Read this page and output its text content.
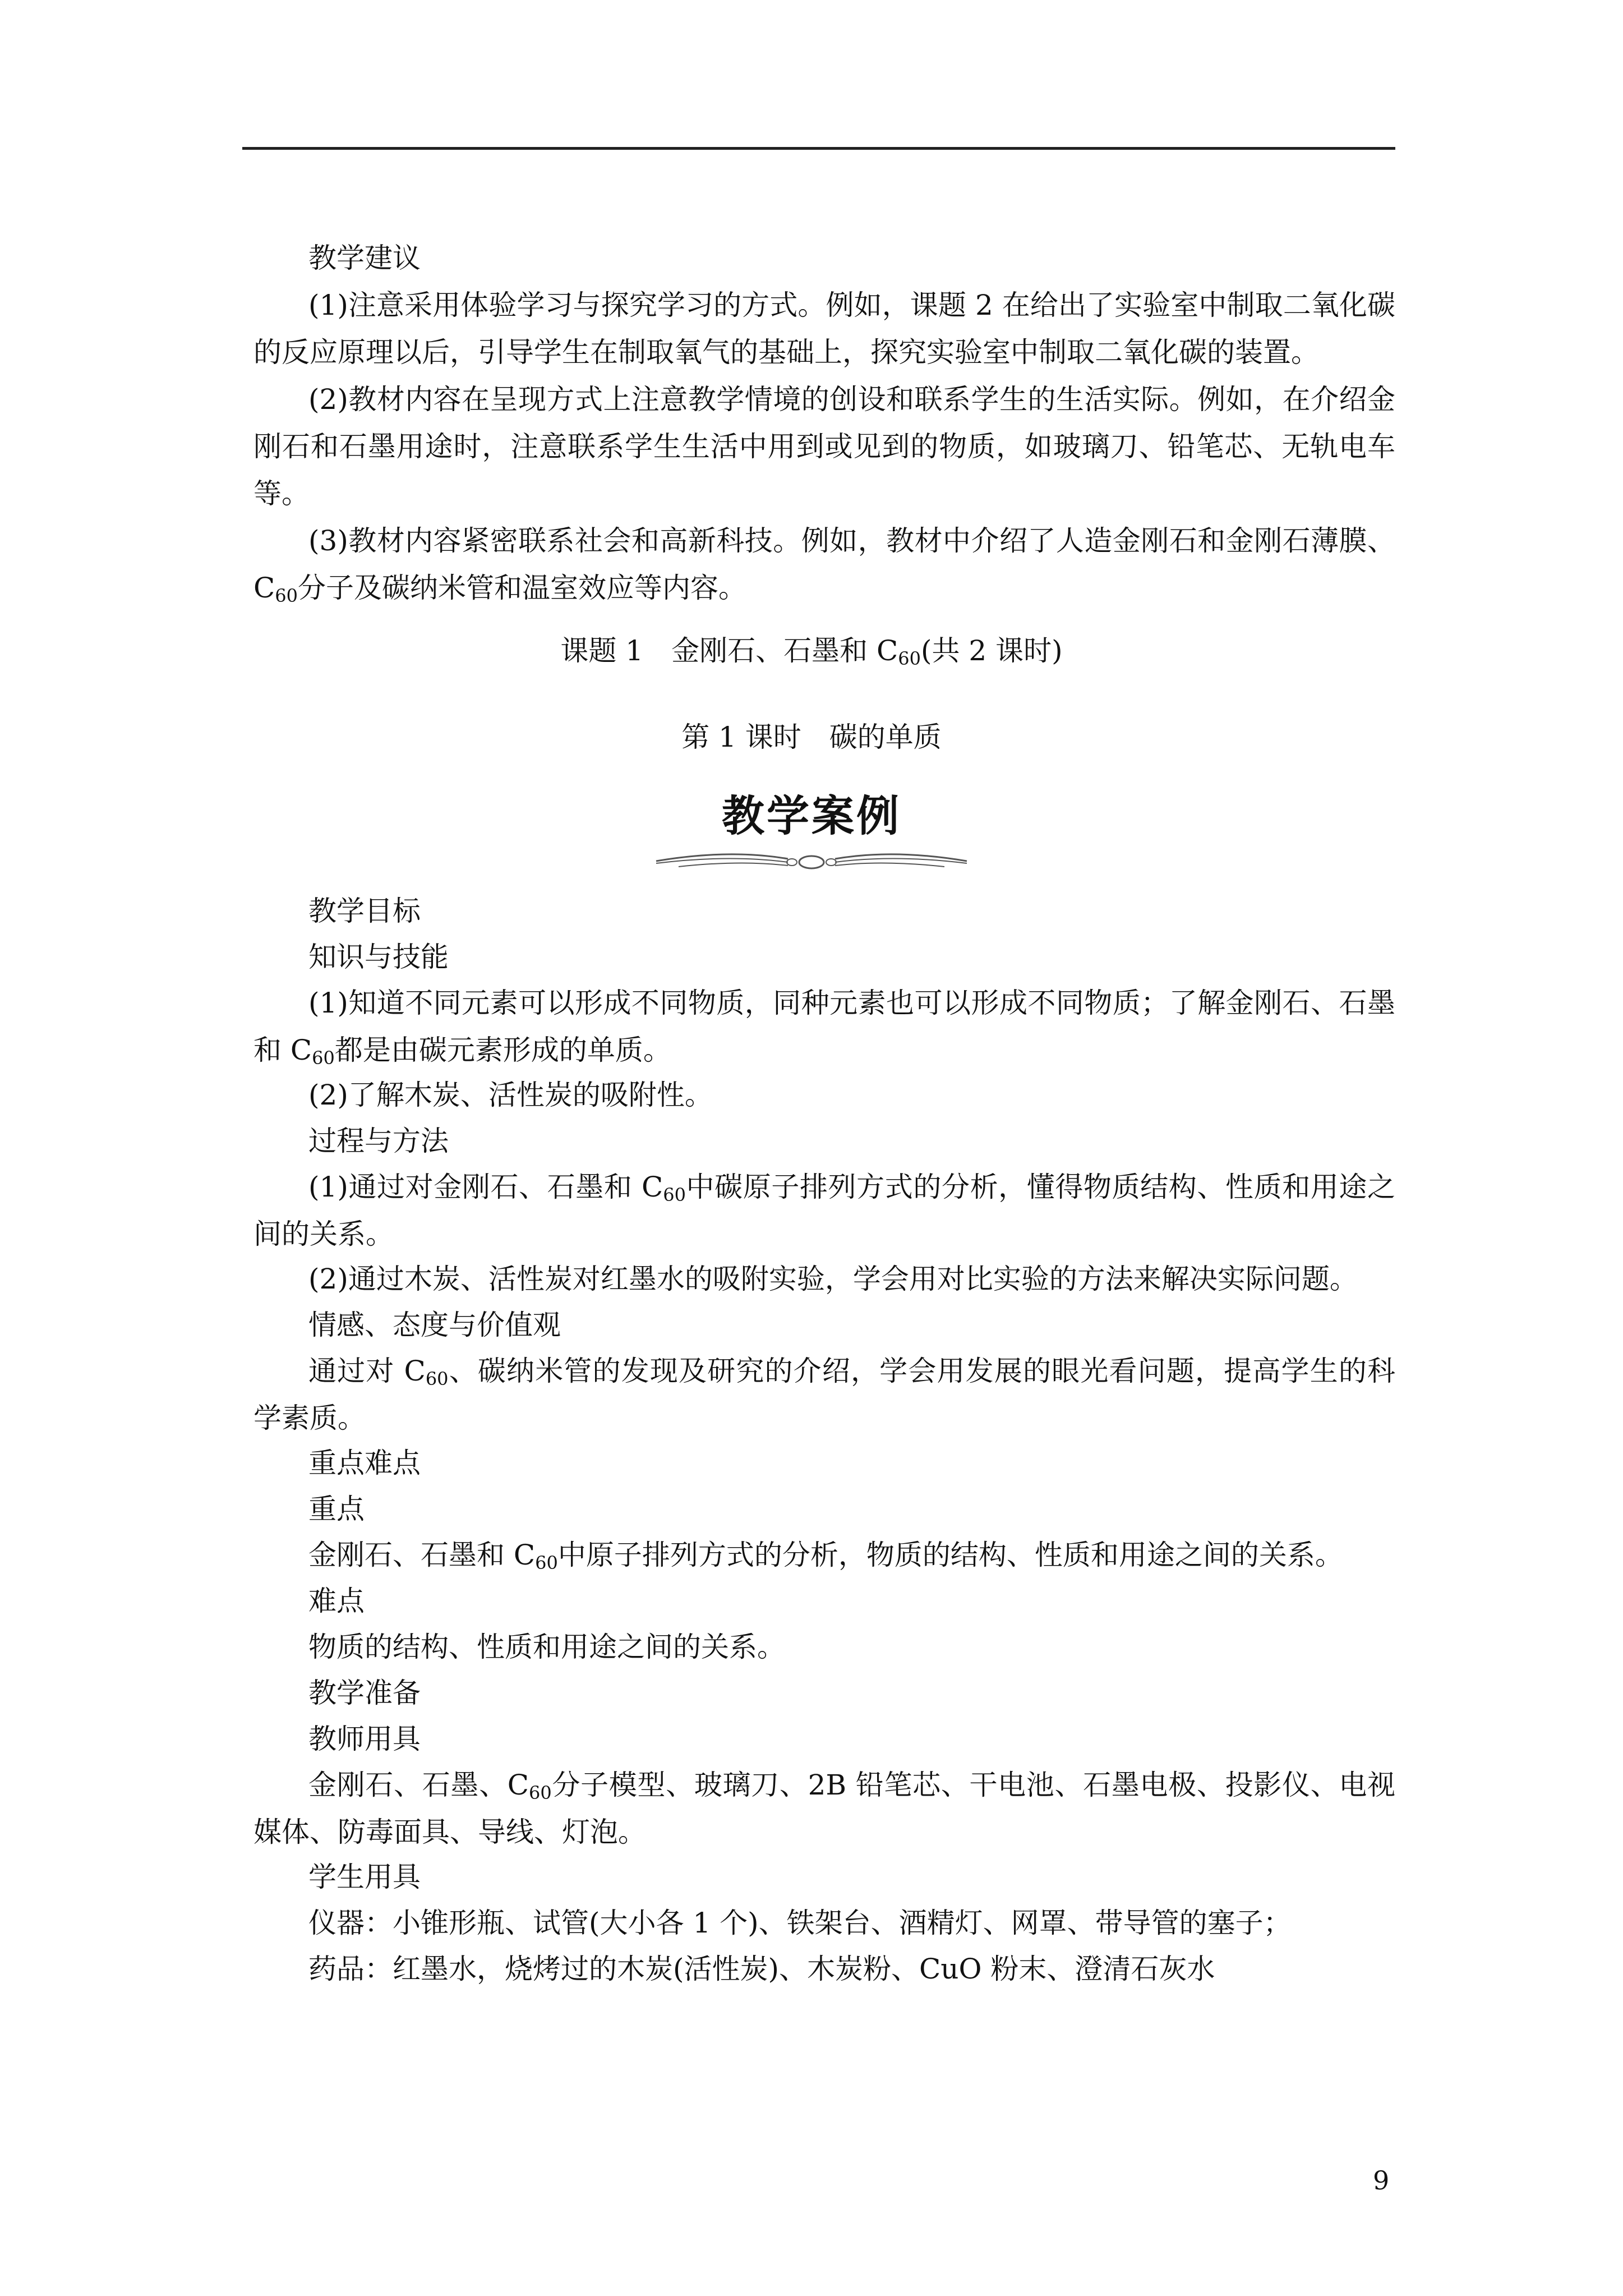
教学建议

(1)注意采用体验学习与探究学习的方式。例如，课题 2 在给出了实验室中制取二氧化碳的反应原理以后，引导学生在制取氧气的基础上，探究实验室中制取二氧化碳的装置。

(2)教材内容在呈现方式上注意教学情境的创设和联系学生的生活实际。例如，在介绍金刚石和石墨用途时，注意联系学生生活中用到或见到的物质，如玻璃刀、铅笔芯、无轨电车等。

(3)教材内容紧密联系社会和高新科技。例如，教材中介绍了人造金刚石和金刚石薄膜、$C_{60}$分子及碳纳米管和温室效应等内容。

课题 1　金刚石、石墨和 $C_{60}$(共 2 课时)

第 1 课时　碳的单质

教学案例

教学目标

知识与技能

(1)知道不同元素可以形成不同物质，同种元素也可以形成不同物质；了解金刚石、石墨和 $C_{60}$都是由碳元素形成的单质。

(2)了解木炭、活性炭的吸附性。

过程与方法

(1)通过对金刚石、石墨和 $C_{60}$中碳原子排列方式的分析，懂得物质结构、性质和用途之间的关系。

(2)通过木炭、活性炭对红墨水的吸附实验，学会用对比实验的方法来解决实际问题。

情感、态度与价值观

通过对 $C_{60}$、碳纳米管的发现及研究的介绍，学会用发展的眼光看问题，提高学生的科学素质。

重点难点

重点

金刚石、石墨和 $C_{60}$中原子排列方式的分析，物质的结构、性质和用途之间的关系。

难点

物质的结构、性质和用途之间的关系。

教学准备

教师用具

金刚石、石墨、$C_{60}$分子模型、玻璃刀、2B 铅笔芯、干电池、石墨电极、投影仪、电视媒体、防毒面具、导线、灯泡。

学生用具

仪器：小锥形瓶、试管(大小各 1 个)、铁架台、酒精灯、网罩、带导管的塞子；

药品：红墨水，烧烤过的木炭(活性炭)、木炭粉、CuO 粉末、澄清石灰水

9
